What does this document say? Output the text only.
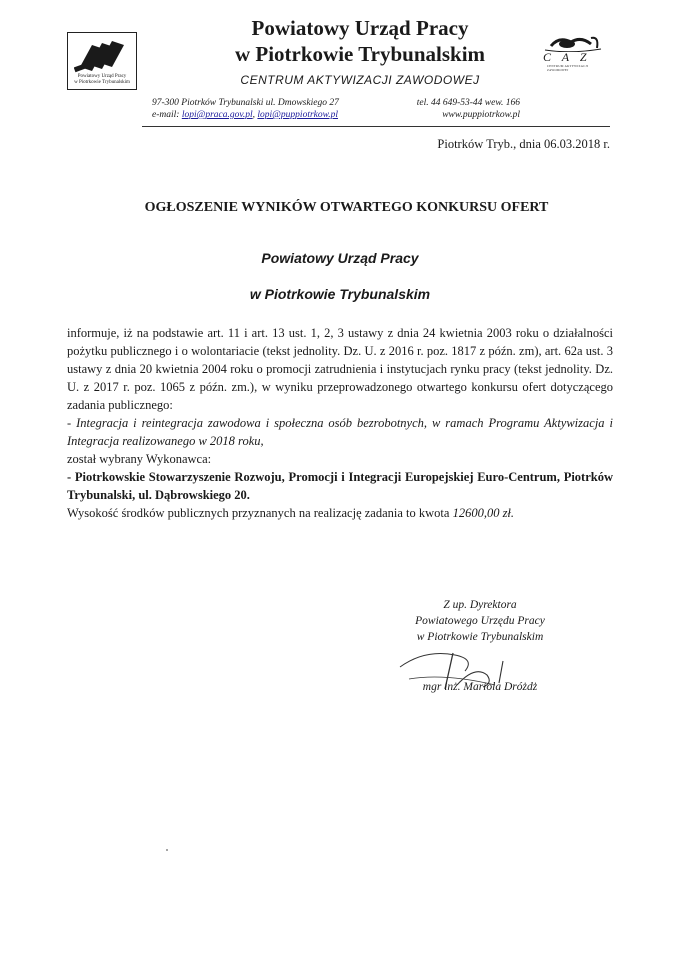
Powiatowy Urząd Pracy
w Piotrkowie Trybunalskim
Powiatowy Urząd Pracy
w Piotrkowie Trybunalskim
CENTRUM AKTYWIZACJI ZAWODOWEJ
C A Z
CENTRUM AKTYWIZACJI ZAWODOWEJ
97-300 Piotrków Trybunalski ul. Dmowskiego 27
e-mail: lopi@praca.gov.pl, lopi@puppiotrkow.pl
tel. 44 649-53-44 wew. 166
www.puppiotrkow.pl
Piotrków Tryb., dnia 06.03.2018 r.
OGŁOSZENIE WYNIKÓW OTWARTEGO KONKURSU OFERT
Powiatowy Urząd Pracy
w Piotrkowie Trybunalskim

informuje, iż na podstawie art. 11 i art. 13 ust. 1, 2, 3 ustawy z dnia 24 kwietnia 2003 roku o działalności pożytku publicznego i o wolontariacie (tekst jednolity. Dz. U. z 2016 r. poz. 1817 z późn. zm), art. 62a ust. 3 ustawy z dnia 20 kwietnia 2004 roku o promocji zatrudnienia i instytucjach rynku pracy (tekst jednolity. Dz. U. z 2017 r. poz. 1065 z późn. zm.), w wyniku przeprowadzonego otwartego konkursu ofert dotyczącego zadania publicznego:

- Integracja i reintegracja zawodowa i społeczna osób bezrobotnych, w ramach Programu Aktywizacja i Integracja realizowanego w 2018 roku,

został wybrany Wykonawca:

- Piotrkowskie Stowarzyszenie Rozwoju, Promocji i Integracji Europejskiej Euro-Centrum, Piotrków Trybunalski, ul. Dąbrowskiego 20.

Wysokość środków publicznych przyznanych na realizację zadania to kwota 12600,00 zł.

Z up. Dyrektora
Powiatowego Urzędu Pracy
w Piotrkowie Trybunalskim
mgr inż. Mariola Dróżdż
